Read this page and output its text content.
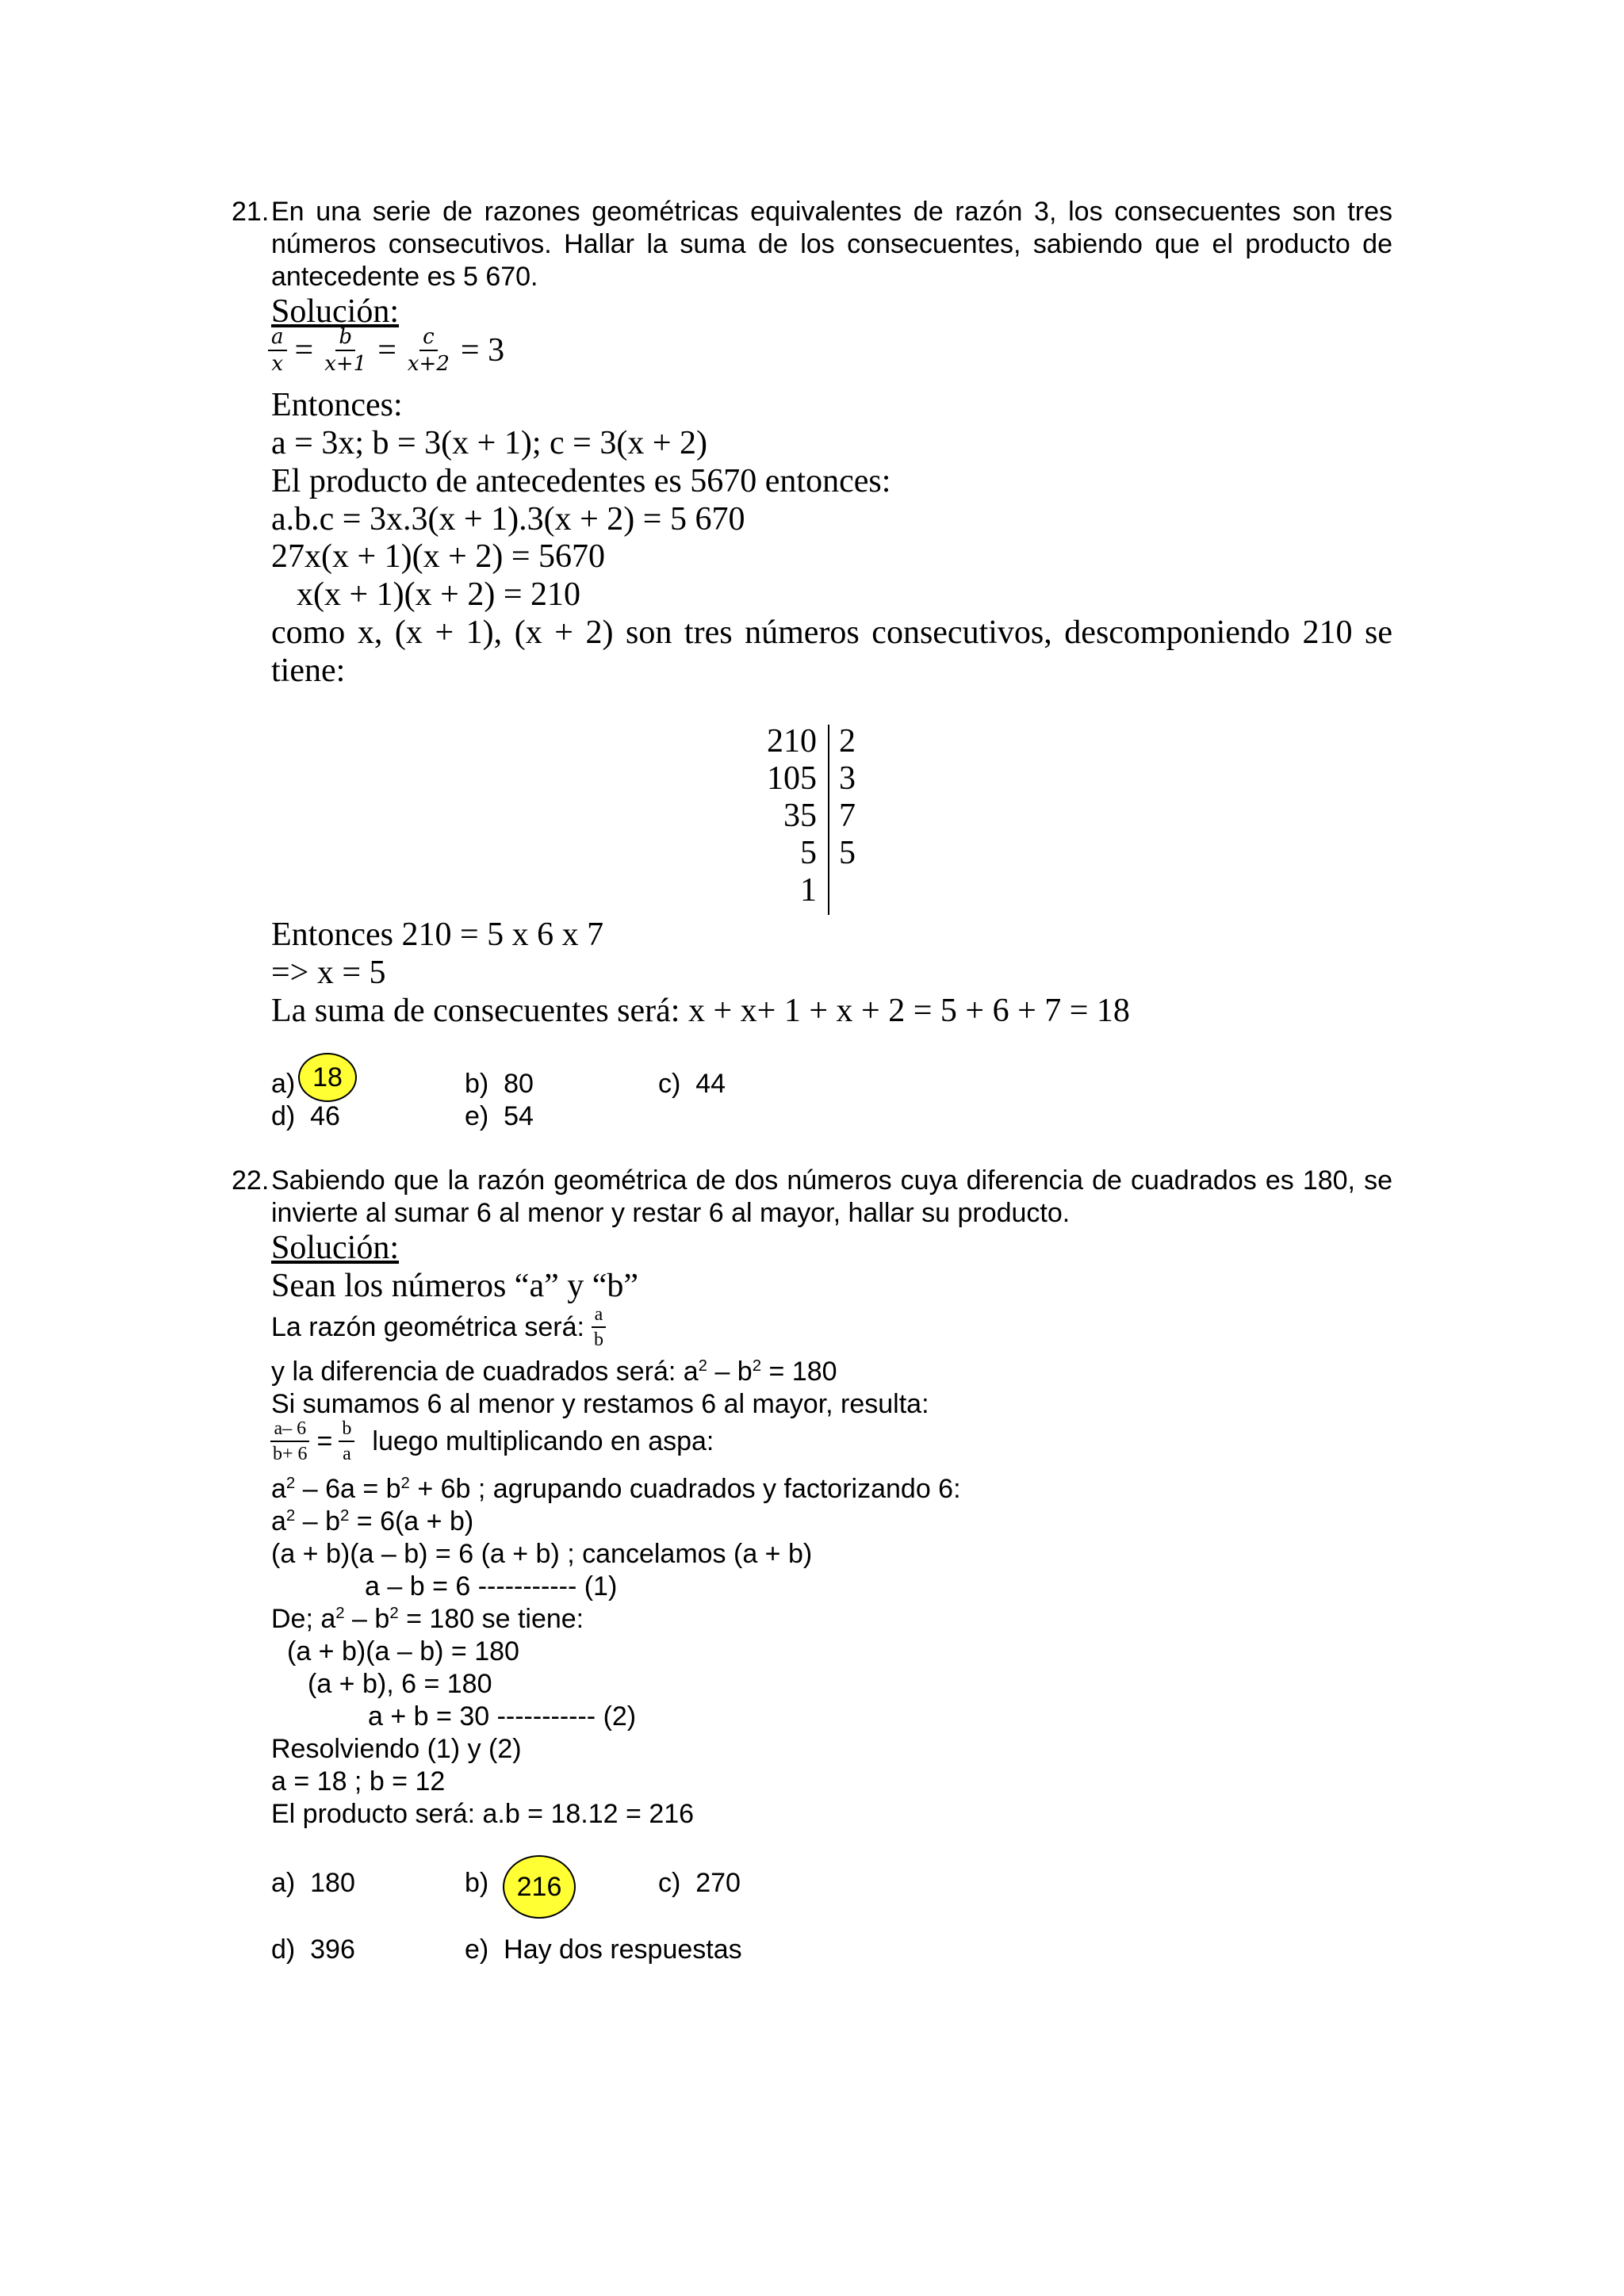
21. En una serie de razones geométricas equivalentes de razón 3, los consecuentes son tres
números consecutivos. Hallar la suma de los consecuentes, sabiendo que el producto de
antecedente es 5 670.
Solución:
$\frac{a}{x} = \frac{b}{x+1} = \frac{c}{x+2} = 3$
Entonces:
a = 3x; b = 3(x + 1); c = 3(x + 2)
El producto de antecedentes es 5670 entonces:
a.b.c = 3x.3(x + 1).3(x + 2) = 5 670
27x(x + 1)(x + 2) = 5670
x(x + 1)(x + 2) = 210
como x, (x + 1), (x + 2) son tres números consecutivos, descomponiendo 210 se
tiene:
210 2
105 3
35 7
5 5
1
Entonces 210 = 5 x 6 x 7
=> x = 5
La suma de consecuentes será: x + x+ 1 + x + 2 = 5 + 6 + 7 = 18
a) 18	b) 80	c) 44
d) 46	e) 54
22. Sabiendo que la razón geométrica de dos números cuya diferencia de cuadrados es 180, se
invierte al sumar 6 al menor y restar 6 al mayor, hallar su producto.
Solución:
Sean los números “a” y “b”
La razón geométrica será: $\frac{a}{b}$
y la diferencia de cuadrados será: $a^2 - b^2 = 180$
Si sumamos 6 al menor y restamos 6 al mayor, resulta:
$\frac{a- 6}{b+ 6} = \frac{b}{a}$ luego multiplicando en aspa:
$a^2 - 6a = b^2 + 6b$ ; agrupando cuadrados y factorizando 6:
$a^2 - b^2 = 6(a + b)$
(a + b)(a – b) = 6 (a + b) ; cancelamos (a + b)
a – b = 6 ----------- (1)
De; $a^2 - b^2 = 180$ se tiene:
(a + b)(a – b) = 180
(a + b), 6 = 180
a + b = 30 ----------- (2)
Resolviendo (1) y (2)
a = 18 ; b = 12
El producto será: a.b = 18.12 = 216
a) 180	b) 216	c) 270
d) 396	e) Hay dos respuestas
